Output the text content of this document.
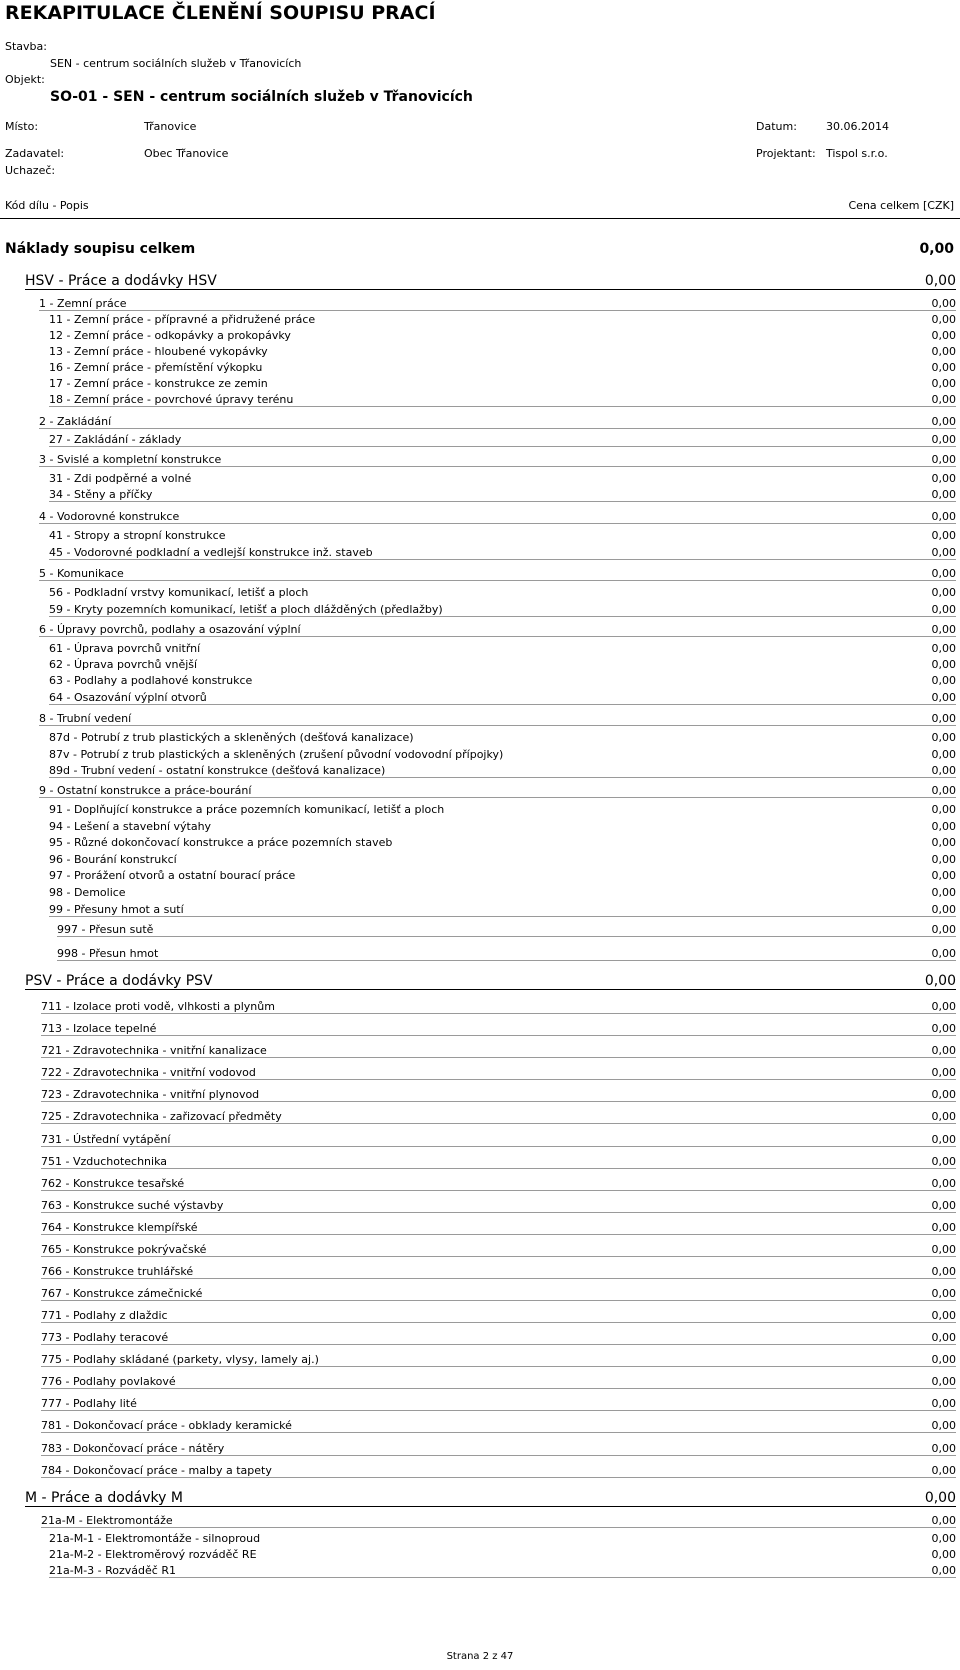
REKAPITULACE ČLENĚNÍ SOUPISU PRACÍ
Stavba:
SEN - centrum sociálních služeb v Třanovicích
Objekt:
SO-01 - SEN - centrum sociálních služeb v Třanovicích
Místo:	Třanovice	Datum:	30.06.2014
Zadavatel:	Obec Třanovice	Projektant: Tispol s.r.o.
Uchazeč:
Kód dílu - Popis	Cena celkem [CZK]
Náklady soupisu celkem	0,00
HSV - Práce a dodávky HSV	0,00
1 - Zemní práce	0,00
11 - Zemní práce - přípravné a přidružené práce	0,00
12 - Zemní práce - odkopávky a prokopávky	0,00
13 - Zemní práce - hloubené vykopávky	0,00
16 - Zemní práce - přemístění výkopku	0,00
17 - Zemní práce - konstrukce ze zemin	0,00
18 - Zemní práce - povrchové úpravy terénu	0,00
2 - Zakládání	0,00
27 - Zakládání - základy	0,00
3 - Svislé a kompletní konstrukce	0,00
31 - Zdi podpěrné a volné	0,00
34 - Stěny a příčky	0,00
4 - Vodorovné konstrukce	0,00
41 - Stropy a stropní konstrukce	0,00
45 - Vodorovné podkladní a vedlejší konstrukce inž. staveb	0,00
5 - Komunikace	0,00
56 - Podkladní vrstvy komunikací, letišť a ploch	0,00
59 - Kryty pozemních komunikací, letišť a ploch dlážděných (předlažby)	0,00
6 - Úpravy povrchů, podlahy a osazování výplní	0,00
61 - Úprava povrchů vnitřní	0,00
62 - Úprava povrchů vnější	0,00
63 - Podlahy a podlahové konstrukce	0,00
64 - Osazování výplní otvorů	0,00
8 - Trubní vedení	0,00
87d - Potrubí z trub plastických a skleněných (dešťová kanalizace)	0,00
87v - Potrubí z trub plastických a skleněných (zrušení původní vodovodní přípojky)	0,00
89d - Trubní vedení - ostatní konstrukce (dešťová kanalizace)	0,00
9 - Ostatní konstrukce a práce-bourání	0,00
91 - Doplňující konstrukce a práce pozemních komunikací, letišť a ploch	0,00
94 - Lešení a stavební výtahy	0,00
95 - Různé dokončovací konstrukce a práce pozemních staveb	0,00
96 - Bourání konstrukcí	0,00
97 - Prorážení otvorů a ostatní bourací práce	0,00
98 - Demolice	0,00
99 - Přesuny hmot a sutí	0,00
997 - Přesun sutě	0,00
998 - Přesun hmot	0,00
PSV - Práce a dodávky PSV	0,00
711 - Izolace proti vodě, vlhkosti a plynům	0,00
713 - Izolace tepelné	0,00
721 - Zdravotechnika - vnitřní kanalizace	0,00
722 - Zdravotechnika - vnitřní vodovod	0,00
723 - Zdravotechnika - vnitřní plynovod	0,00
725 - Zdravotechnika - zařizovací předměty	0,00
731 - Ústřední vytápění	0,00
751 - Vzduchotechnika	0,00
762 - Konstrukce tesařské	0,00
763 - Konstrukce suché výstavby	0,00
764 - Konstrukce klempířské	0,00
765 - Konstrukce pokrývačské	0,00
766 - Konstrukce truhlářské	0,00
767 - Konstrukce zámečnické	0,00
771 - Podlahy z dlaždic	0,00
773 - Podlahy teracové	0,00
775 - Podlahy skládané (parkety, vlysy, lamely aj.)	0,00
776 - Podlahy povlakové	0,00
777 - Podlahy lité	0,00
781 - Dokončovací práce - obklady keramické	0,00
783 - Dokončovací práce - nátěry	0,00
784 - Dokončovací práce - malby a tapety	0,00
M - Práce a dodávky M	0,00
21a-M - Elektromontáže	0,00
21a-M-1 - Elektromontáže - silnoproud	0,00
21a-M-2 - Elektroměrový rozváděč RE	0,00
21a-M-3 - Rozváděč R1	0,00
Strana 2 z 47
